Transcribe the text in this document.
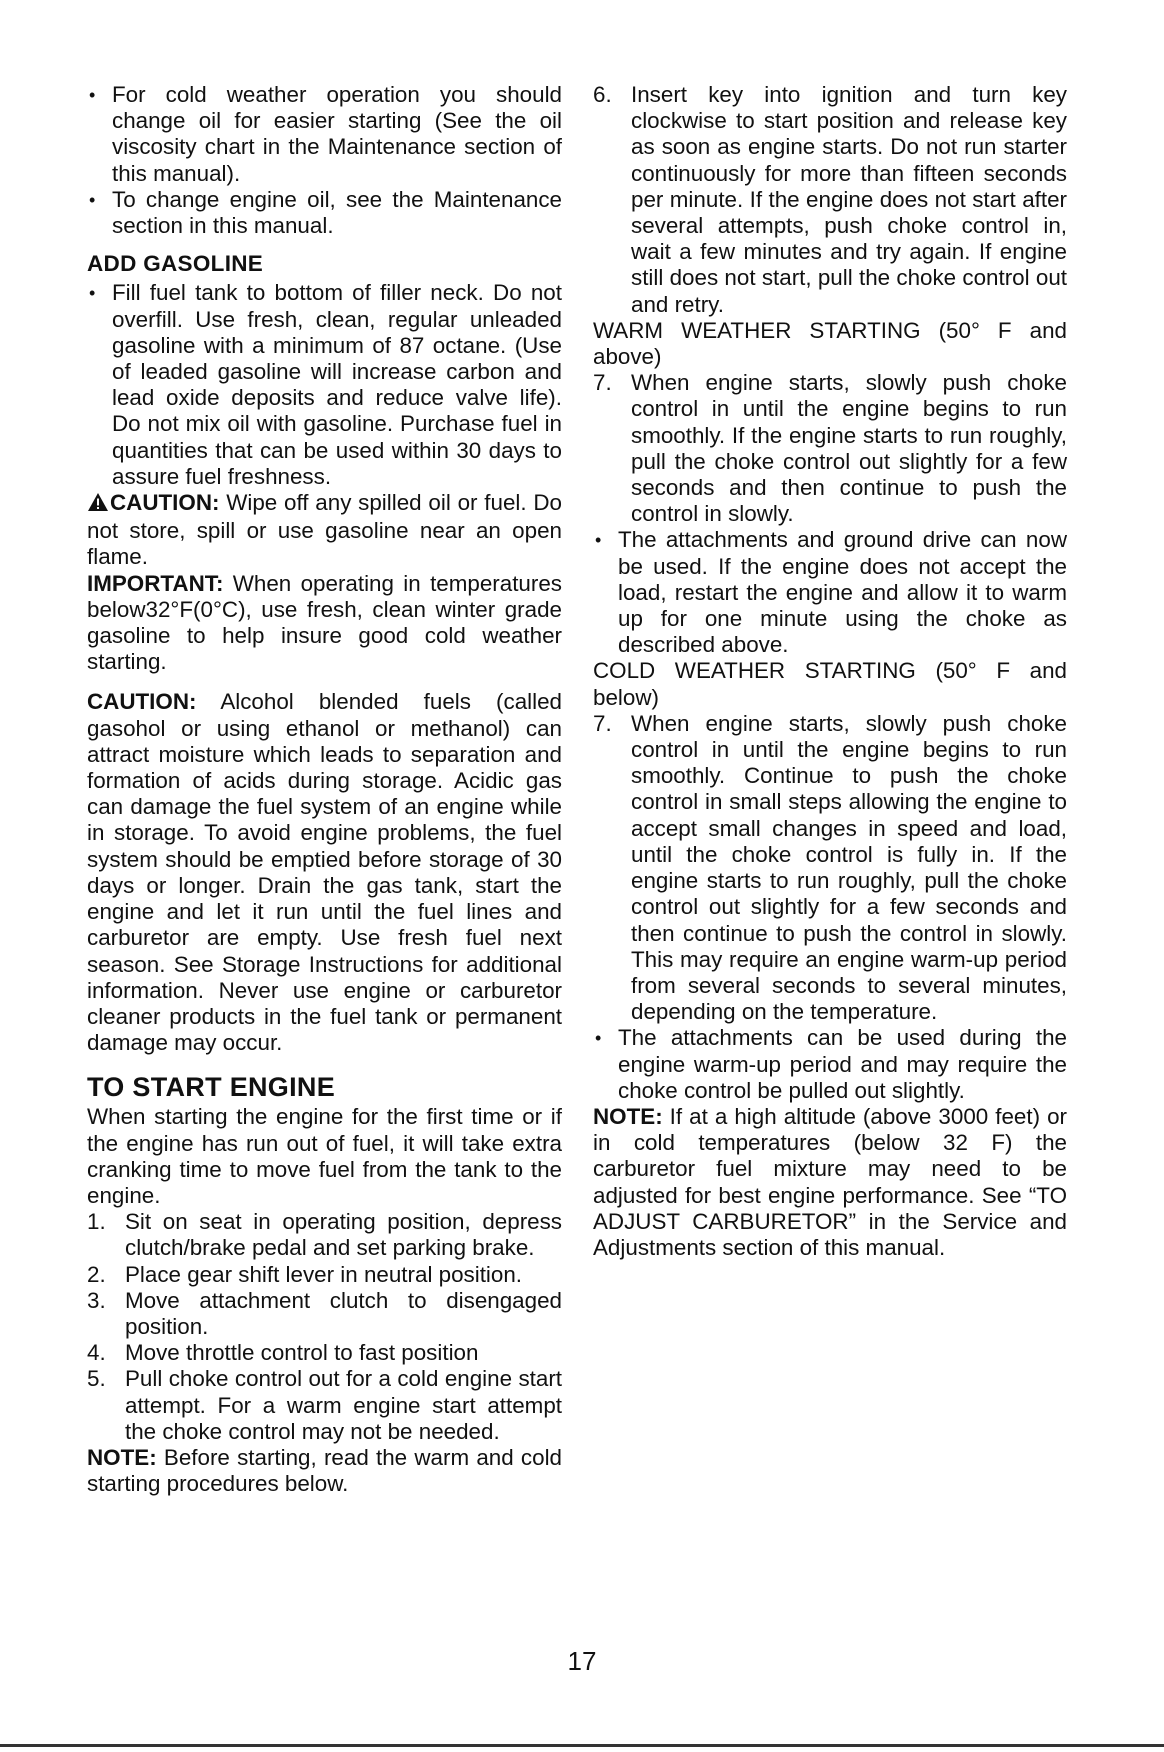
• For cold weather operation you should change oil for easier starting (See the oil viscosity chart in the Maintenance section of this manual).

• To change engine oil, see the Maintenance section in this manual.

ADD GASOLINE

• Fill fuel tank to bottom of filler neck. Do not overfill. Use fresh, clean, regular unleaded gasoline with a minimum of 87 octane. (Use of leaded gasoline will increase carbon and lead oxide deposits and reduce valve life). Do not mix oil with gasoline. Purchase fuel in quantities that can be used within 30 days to assure fuel freshness.

CAUTION: Wipe off any spilled oil or fuel. Do not store, spill or use gasoline near an open flame.

IMPORTANT: When operating in temperatures below32°F(0°C), use fresh, clean winter grade gasoline to help insure good cold weather starting.

CAUTION: Alcohol blended fuels (called gasohol or using ethanol or methanol) can attract moisture which leads to separation and formation of acids during storage. Acidic gas can damage the fuel system of an engine while in storage. To avoid engine problems, the fuel system should be emptied before storage of 30 days or longer. Drain the gas tank, start the engine and let it run until the fuel lines and carburetor are empty. Use fresh fuel next season. See Storage Instructions for additional information. Never use engine or carburetor cleaner products in the fuel tank or permanent damage may occur.

TO START ENGINE

When starting the engine for the first time or if the engine has run out of fuel, it will take extra cranking time to move fuel from the tank to the engine.

1. Sit on seat in operating position, depress clutch/brake pedal and set parking brake.

2. Place gear shift lever in neutral position.

3. Move attachment clutch to disengaged position.

4. Move throttle control to fast position

5. Pull choke control out for a cold engine start attempt. For a warm engine start attempt the choke control may not be needed.

NOTE: Before starting, read the warm and cold starting procedures below.

6. Insert key into ignition and turn key clockwise to start position and release key as soon as engine starts. Do not run starter continuously for more than fifteen seconds per minute. If the engine does not start after several attempts, push choke control in, wait a few minutes and try again. If engine still does not start, pull the choke control out and retry.

WARM WEATHER STARTING (50° F and above)

7. When engine starts, slowly push choke control in until the engine begins to run smoothly. If the engine starts to run roughly, pull the choke control out slightly for a few seconds and then continue to push the control in slowly.

• The attachments and ground drive can now be used. If the engine does not accept the load, restart the engine and allow it to warm up for one minute using the choke as described above.

COLD WEATHER STARTING (50° F and below)

7. When engine starts, slowly push choke control in until the engine begins to run smoothly. Continue to push the choke control in small steps allowing the engine to accept small changes in speed and load, until the choke control is fully in. If the engine starts to run roughly, pull the choke control out slightly for a few seconds and then continue to push the control in slowly. This may require an engine warm-up period from several seconds to several minutes, depending on the temperature.

• The attachments can be used during the engine warm-up period and may require the choke control be pulled out slightly.

NOTE: If at a high altitude (above 3000 feet) or in cold temperatures (below 32 F) the carburetor fuel mixture may need to be adjusted for best engine performance. See “TO ADJUST CARBURETOR” in the Service and Adjustments section of this manual.

17
